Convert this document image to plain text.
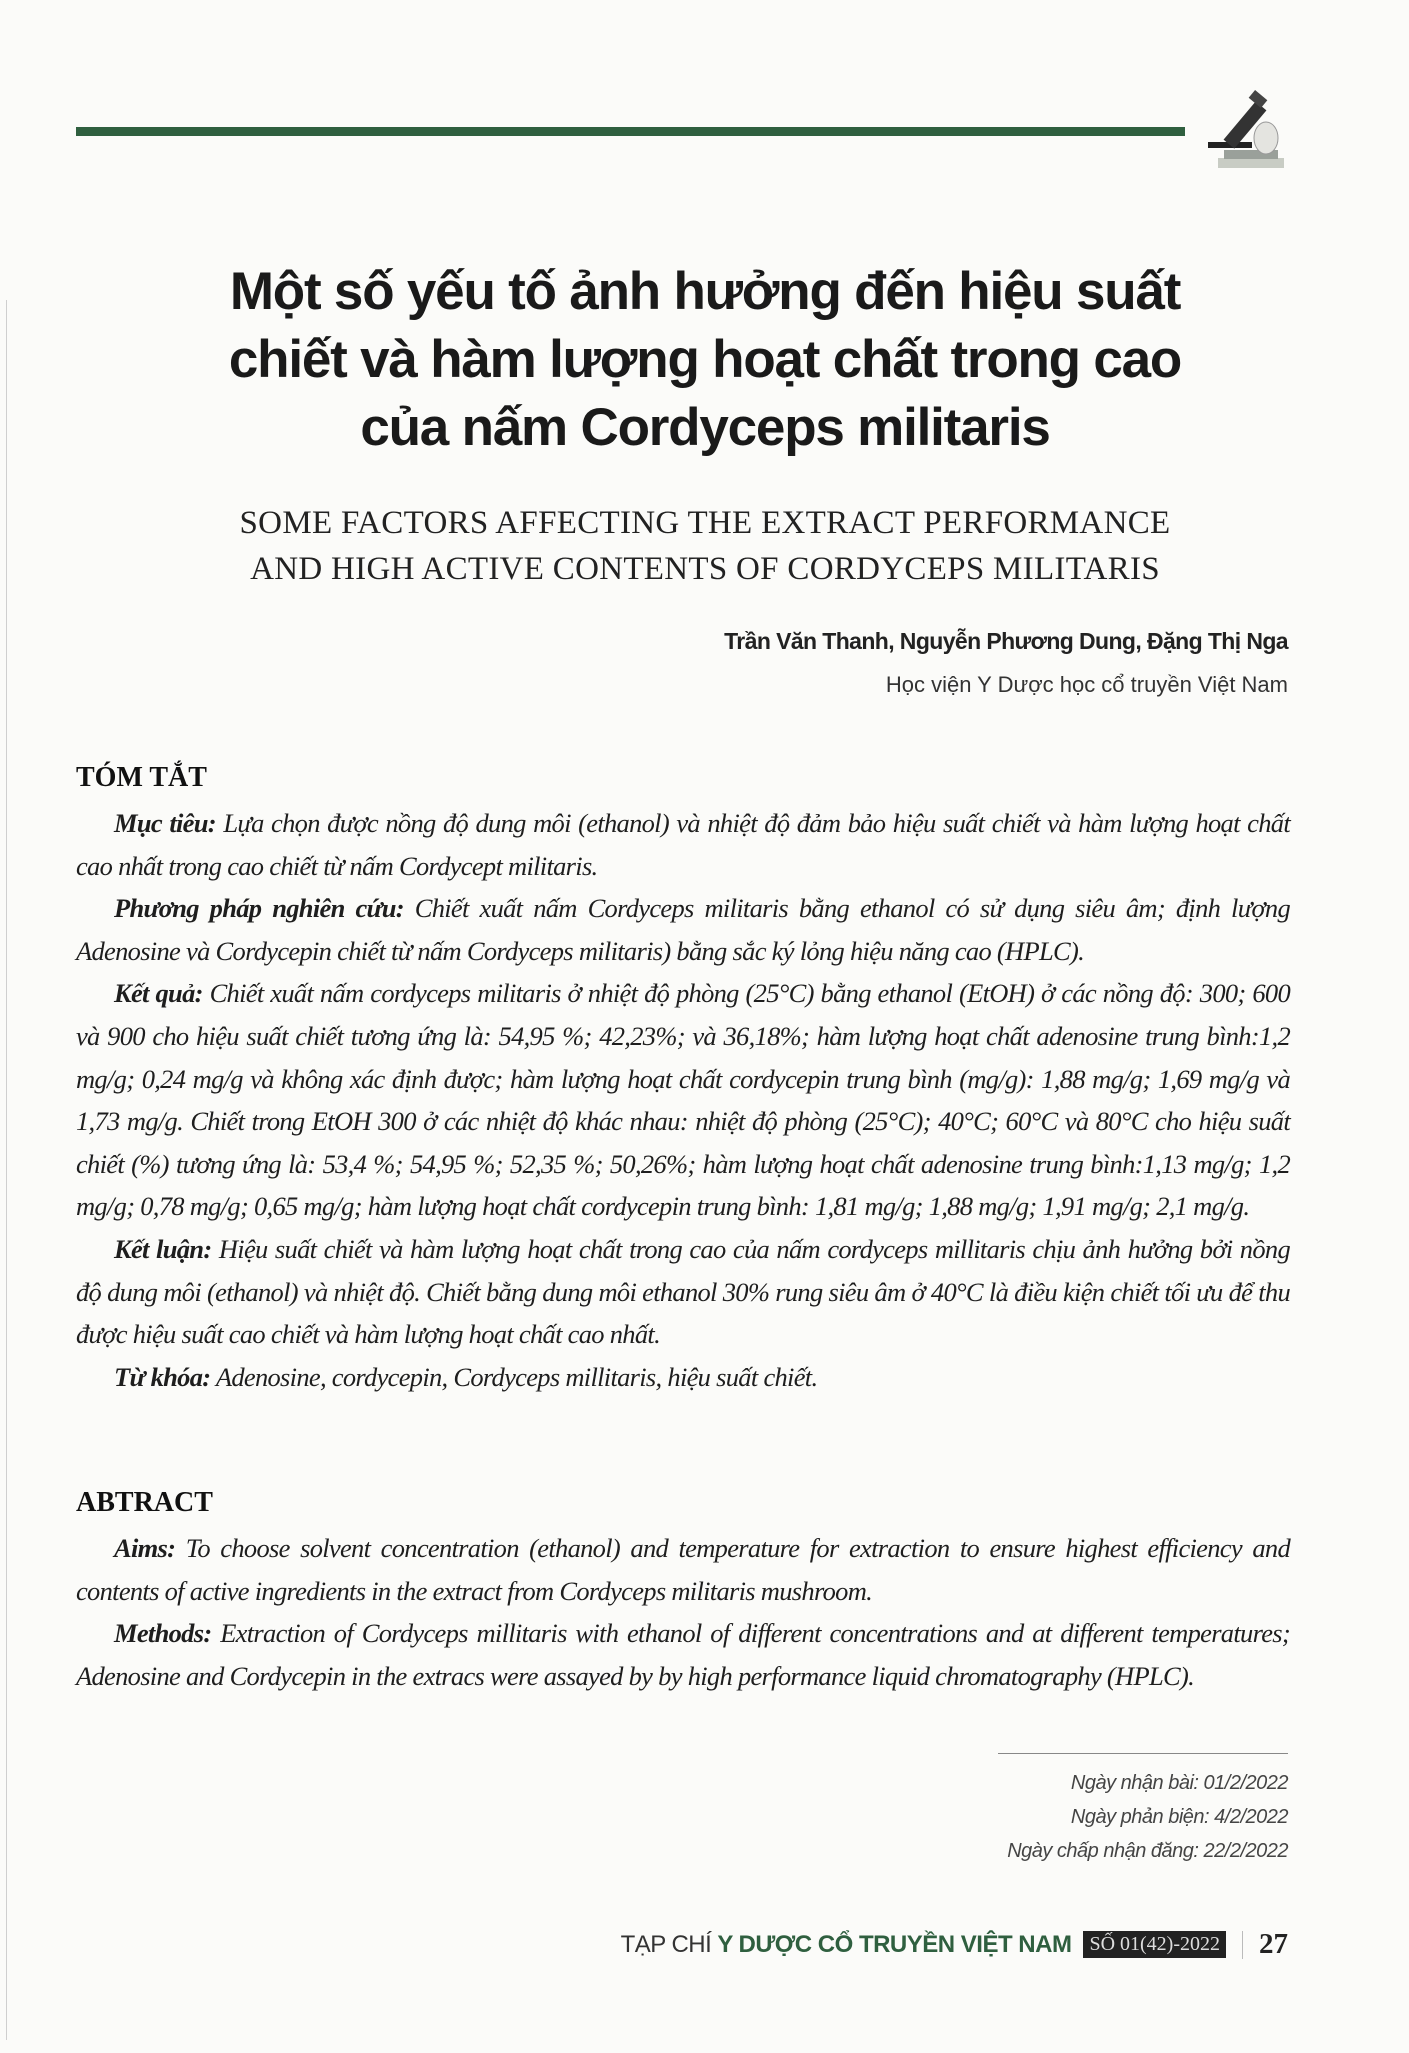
Một số yếu tố ảnh hưởng đến hiệu suất
chiết và hàm lượng hoạt chất trong cao
của nấm Cordyceps militaris
SOME FACTORS AFFECTING THE EXTRACT PERFORMANCE
AND HIGH ACTIVE CONTENTS OF CORDYCEPS MILITARIS
Trần Văn Thanh, Nguyễn Phương Dung, Đặng Thị Nga
Học viện Y Dược học cổ truyền Việt Nam
TÓM TẮT

Mục tiêu: Lựa chọn được nồng độ dung môi (ethanol) và nhiệt độ đảm bảo hiệu suất chiết và hàm lượng hoạt chất cao nhất trong cao chiết từ nấm Cordycept militaris.

Phương pháp nghiên cứu: Chiết xuất nấm Cordyceps militaris bằng ethanol có sử dụng siêu âm; định lượng Adenosine và Cordycepin chiết từ nấm Cordyceps militaris) bằng sắc ký lỏng hiệu năng cao (HPLC).

Kết quả: Chiết xuất nấm cordyceps militaris ở nhiệt độ phòng (25°C) bằng ethanol (EtOH) ở các nồng độ: 300; 600 và 900 cho hiệu suất chiết tương ứng là: 54,95 %; 42,23%; và 36,18%; hàm lượng hoạt chất adenosine trung bình:1,2 mg/g; 0,24 mg/g và không xác định được; hàm lượng hoạt chất cordycepin trung bình (mg/g): 1,88 mg/g; 1,69 mg/g và 1,73 mg/g. Chiết trong EtOH 300 ở các nhiệt độ khác nhau: nhiệt độ phòng (25°C); 40°C; 60°C và 80°C cho hiệu suất chiết (%) tương ứng là: 53,4 %; 54,95 %; 52,35 %; 50,26%; hàm lượng hoạt chất adenosine trung bình:1,13 mg/g; 1,2 mg/g; 0,78 mg/g; 0,65 mg/g; hàm lượng hoạt chất cordycepin trung bình: 1,81 mg/g; 1,88 mg/g; 1,91 mg/g; 2,1 mg/g.

Kết luận: Hiệu suất chiết và hàm lượng hoạt chất trong cao của nấm cordyceps millitaris chịu ảnh hưởng bởi nồng độ dung môi (ethanol) và nhiệt độ. Chiết bằng dung môi ethanol 30% rung siêu âm ở 40°C là điều kiện chiết tối ưu để thu được hiệu suất cao chiết và hàm lượng hoạt chất cao nhất.

Từ khóa: Adenosine, cordycepin, Cordyceps millitaris, hiệu suất chiết.

ABTRACT

Aims: To choose solvent concentration (ethanol) and temperature for extraction to ensure highest efficiency and contents of active ingredients in the extract from Cordyceps militaris mushroom.

Methods: Extraction of Cordyceps millitaris with ethanol of different concentrations and at different temperatures; Adenosine and Cordycepin in the extracs were assayed by by high performance liquid chromatography (HPLC).

Ngày nhận bài: 01/2/2022
Ngày phản biện: 4/2/2022
Ngày chấp nhận đăng: 22/2/2022
TẠP CHÍ Y DƯỢC CỔ TRUYỀN VIỆT NAM SỐ 01(42)-2022 27
